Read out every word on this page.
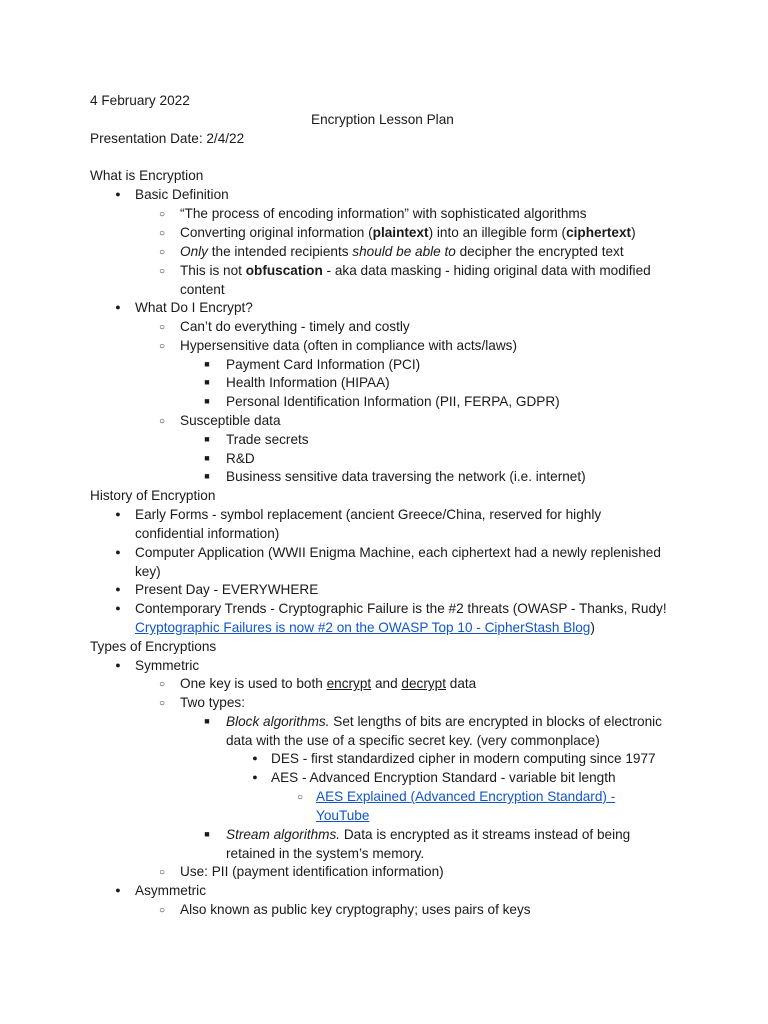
4 February 2022
Encryption Lesson Plan
Presentation Date: 2/4/22
What is Encryption
●
Basic Definition
○
“The process of encoding information” with sophisticated algorithms
○
Converting original information (plaintext) into an illegible form (ciphertext)
○
Only the intended recipients should be able to decipher the encrypted text
○
This is not obfuscation - aka data masking - hiding original data with modified
content
●
What Do I Encrypt?
○
Can’t do everything - timely and costly
○
Hypersensitive data (often in compliance with acts/laws)
■
Payment Card Information (PCI)
■
Health Information (HIPAA)
■
Personal Identification Information (PII, FERPA, GDPR)
○
Susceptible data
■
Trade secrets
■
R&D
■
Business sensitive data traversing the network (i.e. internet)
History of Encryption
●
Early Forms - symbol replacement (ancient Greece/China, reserved for highly
confidential information)
●
Computer Application (WWII Enigma Machine, each ciphertext had a newly replenished
key)
●
Present Day - EVERYWHERE
●
Contemporary Trends - Cryptographic Failure is the #2 threats (OWASP - Thanks, Rudy!
Cryptographic Failures is now #2 on the OWASP Top 10 - CipherStash Blog)
Types of Encryptions
●
Symmetric
○
One key is used to both encrypt and decrypt data
○
Two types:
■
Block algorithms. Set lengths of bits are encrypted in blocks of electronic
data with the use of a specific secret key. (very commonplace)
●
DES - first standardized cipher in modern computing since 1977
●
AES - Advanced Encryption Standard - variable bit length
○
AES Explained (Advanced Encryption Standard) -
YouTube
■
Stream algorithms. Data is encrypted as it streams instead of being
retained in the system’s memory.
○
Use: PII (payment identification information)
●
Asymmetric
○
Also known as public key cryptography; uses pairs of keys
